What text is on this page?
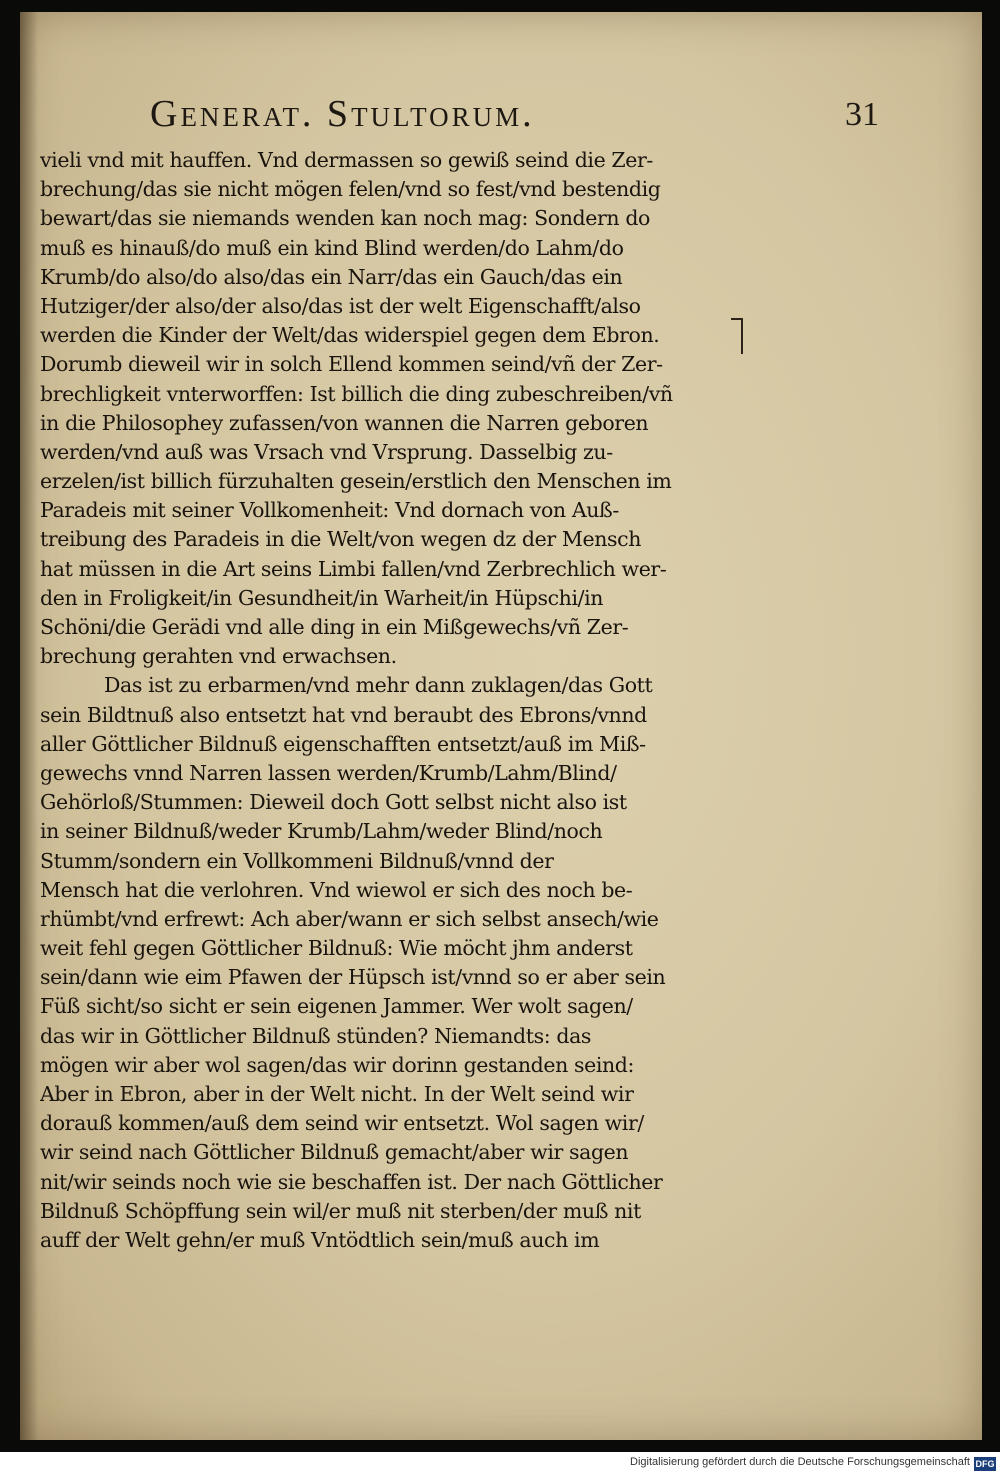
Generat. Stultorum.	31
vieli vnd mit hauffen. Vnd dermassen so gewiß seind die Zer-
brechung/das sie nicht mögen felen/vnd so fest/vnd bestendig
bewart/das sie niemands wenden kan noch mag: Sondern do
muß es hinauß/do muß ein kind Blind werden/do Lahm/do
Krumb/do also/do also/das ein Narr/das ein Gauch/das ein
Hutziger/der also/der also/das ist der welt Eigenschafft/also
werden die Kinder der Welt/das widerspiel gegen dem Ebron.
Dorumb dieweil wir in solch Ellend kommen seind/vñ der Zer-
brechligkeit vnterworffen: Ist billich die ding zubeschreiben/vñ
in die Philosophey zufassen/von wannen die Narren geboren
werden/vnd auß was Vrsach vnd Vrsprung. Dasselbig zu-
erzelen/ist billich fürzuhalten gesein/erstlich den Menschen im
Paradeis mit seiner Vollkomenheit: Vnd dornach von Auß-
treibung des Paradeis in die Welt/von wegen dz der Mensch
hat müssen in die Art seins Limbi fallen/vnd Zerbrechlich wer-
den in Froligkeit/in Gesundheit/in Warheit/in Hüpschi/in
Schöni/die Gerädi vnd alle ding in ein Mißgewechs/vñ Zer-
brechung gerahten vnd erwachsen.
Das ist zu erbarmen/vnd mehr dann zuklagen/das Gott
sein Bildtnuß also entsetzt hat vnd beraubt des Ebrons/vnnd
aller Göttlicher Bildnuß eigenschafften entsetzt/auß im Miß-
gewechs vnnd Narren lassen werden/Krumb/Lahm/Blind/
Gehörloß/Stummen: Dieweil doch Gott selbst nicht also ist
in seiner Bildnuß/weder Krumb/Lahm/weder Blind/noch
Stumm/sondern ein Vollkommeni Bildnuß/vnnd der
Mensch hat die verlohren. Vnd wiewol er sich des noch be-
rhümbt/vnd erfrewt: Ach aber/wann er sich selbst ansech/wie
weit fehl gegen Göttlicher Bildnuß: Wie möcht jhm anderst
sein/dann wie eim Pfawen der Hüpsch ist/vnnd so er aber sein
Füß sicht/so sicht er sein eigenen Jammer. Wer wolt sagen/
das wir in Göttlicher Bildnuß stünden? Niemandts: das
mögen wir aber wol sagen/das wir dorinn gestanden seind:
Aber in Ebron, aber in der Welt nicht. In der Welt seind wir
dorauß kommen/auß dem seind wir entsetzt. Wol sagen wir/
wir seind nach Göttlicher Bildnuß gemacht/aber wir sagen
nit/wir seinds noch wie sie beschaffen ist. Der nach Göttlicher
Bildnuß Schöpffung sein wil/er muß nit sterben/der muß nit
auff der Welt gehn/er muß Vntödtlich sein/muß auch im
Digitalisierung gefördert durch die Deutsche Forschungsgemeinschaft DFG
